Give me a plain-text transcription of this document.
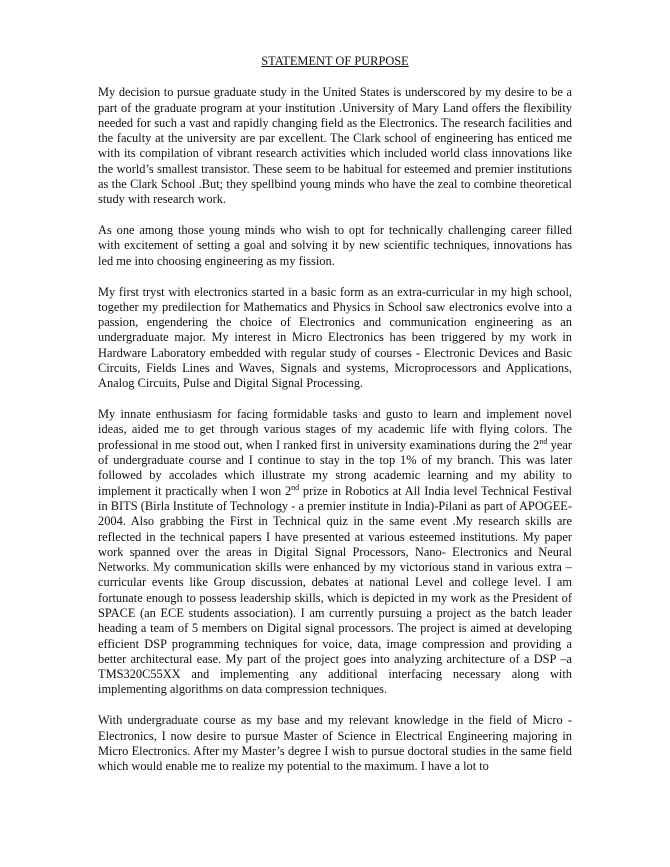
STATEMENT OF PURPOSE

My decision to pursue graduate study in the United States is underscored by my desire to be a part of the graduate program at your institution .University of Mary Land offers the flexibility needed for such a vast and rapidly changing field as the Electronics. The research facilities and the faculty at the university are par excellent. The Clark school of engineering has enticed me with its compilation of vibrant research activities which included world class innovations like the world’s smallest transistor. These seem to be habitual for esteemed and premier institutions as the Clark School .But; they spellbind young minds who have the zeal to combine theoretical study with research work.

As one among those young minds who wish to opt for technically challenging career filled with excitement of setting a goal and solving it by new scientific techniques, innovations has led me into choosing engineering as my fission.

My first tryst with electronics started in a basic form as an extra-curricular in my high school, together my predilection for Mathematics and Physics in School saw electronics evolve into a passion, engendering the choice of Electronics and communication engineering as an undergraduate major. My interest in Micro Electronics has been triggered by my work in Hardware Laboratory embedded with regular study of courses - Electronic Devices and Basic Circuits, Fields Lines and Waves, Signals and systems, Microprocessors and Applications, Analog Circuits, Pulse and Digital Signal Processing.

My innate enthusiasm for facing formidable tasks and gusto to learn and implement novel ideas, aided me to get through various stages of my academic life with flying colors. The professional in me stood out, when I ranked first in university examinations during the 2nd year of undergraduate course and I continue to stay in the top 1% of my branch. This was later followed by accolades which illustrate my strong academic learning and my ability to implement it practically when I won 2nd prize in Robotics at All India level Technical Festival in BITS (Birla Institute of Technology - a premier institute in India)-Pilani as part of APOGEE-2004. Also grabbing the First in Technical quiz in the same event .My research skills are reflected in the technical papers I have presented at various esteemed institutions. My paper work spanned over the areas in Digital Signal Processors, Nano- Electronics and Neural Networks. My communication skills were enhanced by my victorious stand in various extra – curricular events like Group discussion, debates at national Level and college level. I am fortunate enough to possess leadership skills, which is depicted in my work as the President of SPACE (an ECE students association). I am currently pursuing a project as the batch leader heading a team of 5 members on Digital signal processors. The project is aimed at developing efficient DSP programming techniques for voice, data, image compression and providing a better architectural ease. My part of the project goes into analyzing architecture of a DSP –a TMS320C55XX and implementing any additional interfacing necessary along with implementing algorithms on data compression techniques.

With undergraduate course as my base and my relevant knowledge in the field of Micro -Electronics, I now desire to pursue Master of Science in Electrical Engineering majoring in Micro Electronics. After my Master’s degree I wish to pursue doctoral studies in the same field which would enable me to realize my potential to the maximum. I have a lot to
